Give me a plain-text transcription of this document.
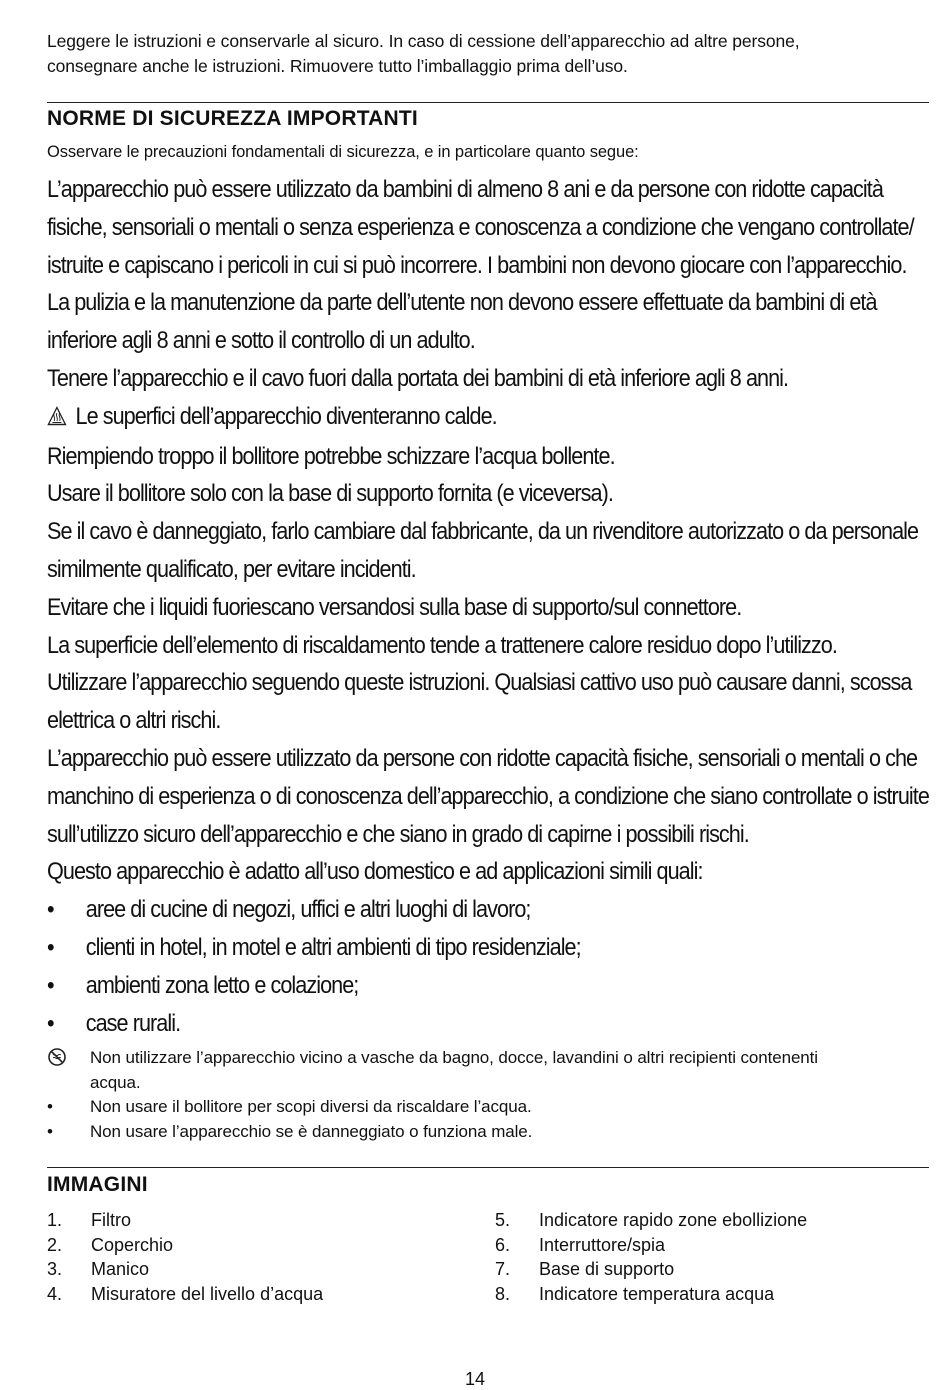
Leggere le istruzioni e conservarle al sicuro. In caso di cessione dell’apparecchio ad altre persone,
consegnare anche le istruzioni. Rimuovere tutto l’imballaggio prima dell’uso.
NORME DI SICUREZZA IMPORTANTI
Osservare le precauzioni fondamentali di sicurezza, e in particolare quanto segue:

L’apparecchio può essere utilizzato da bambini di almeno 8 ani e da persone con ridotte capacità

fisiche, sensoriali o mentali o senza esperienza e conoscenza a condizione che vengano controllate/

istruite e capiscano i pericoli in cui si può incorrere. I bambini non devono giocare con l’apparecchio.

La pulizia e la manutenzione da parte dell’utente non devono essere effettuate da bambini di età

inferiore agli 8 anni e sotto il controllo di un adulto.

Tenere l’apparecchio e il cavo fuori dalla portata dei bambini di età inferiore agli 8 anni.

Le superfici dell’apparecchio diventeranno calde.

Riempiendo troppo il bollitore potrebbe schizzare l’acqua bollente.

Usare il bollitore solo con la base di supporto fornita (e viceversa).

Se il cavo è danneggiato, farlo cambiare dal fabbricante, da un rivenditore autorizzato o da personale

similmente qualificato, per evitare incidenti.

Evitare che i liquidi fuoriescano versandosi sulla base di supporto/sul connettore.

La superficie dell’elemento di riscaldamento tende a trattenere calore residuo dopo l’utilizzo.

Utilizzare l’apparecchio seguendo queste istruzioni. Qualsiasi cattivo uso può causare danni, scossa

elettrica o altri rischi.

L’apparecchio può essere utilizzato da persone con ridotte capacità fisiche, sensoriali o mentali o che

manchino di esperienza o di conoscenza dell’apparecchio, a condizione che siano controllate o istruite

sull’utilizzo sicuro dell’apparecchio e che siano in grado di capirne i possibili rischi.

Questo apparecchio è adatto all’uso domestico e ad applicazioni simili quali:

•	aree di cucine di negozi, uffici e altri luoghi di lavoro;
•	clienti in hotel, in motel e altri ambienti di tipo residenziale;
•	ambienti zona letto e colazione;
•	case rurali.
Non utilizzare l’apparecchio vicino a vasche da bagno, docce, lavandini o altri recipienti contenenti
acqua.
•	Non usare il bollitore per scopi diversi da riscaldare l’acqua.
•	Non usare l’apparecchio se è danneggiato o funziona male.
IMMAGINI
1.	Filtro
2.	Coperchio
3.	Manico
4.	Misuratore del livello d’acqua
5.	Indicatore rapido zone ebollizione
6.	Interruttore/spia
7.	Base di supporto
8.	Indicatore temperatura acqua
14
